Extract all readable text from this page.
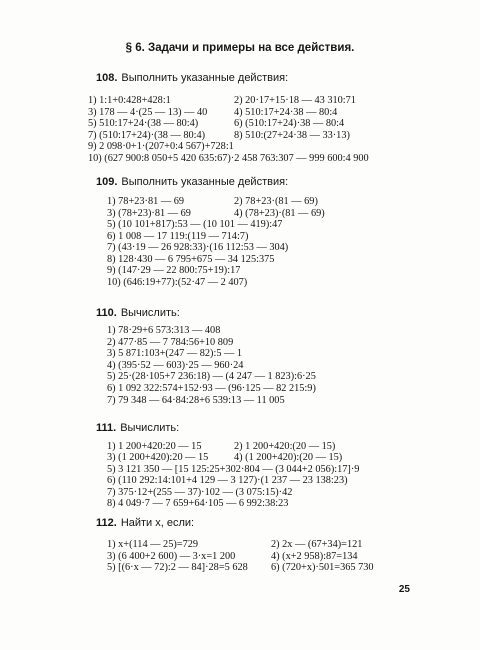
§ 6. Задачи и примеры на все действия.
108. Выполнить указанные действия:
1) 1:1+0:428+428:1	2) 20·17+15·18 — 43 310:71
3) 178 — 4·(25 — 13) — 40	4) 510:17+24·38 — 80:4
5) 510:17+24·(38 — 80:4)	6) (510:17+24)·38 — 80:4
7) (510:17+24)·(38 — 80:4)	8) 510:(27+24·38 — 33·13)
9) 2 098·0+1·(207+0:4 567)+728:1
10) (627 900:8 050+5 420 635:67)·2 458 763:307 — 999 600:4 900
109. Выполнить указанные действия:
1) 78+23·81 — 69	2) 78+23·(81 — 69)
3) (78+23)·81 — 69	4) (78+23)·(81 — 69)
5) (10 101+817):53 — (10 101 — 419):47
6) 1 008 — 17 119:(119 — 714:7)
7) (43·19 — 26 928:33)·(16 112:53 — 304)
8) 128·430 — 6 795+675 — 34 125:375
9) (147·29 — 22 800:75+19):17
10) (646:19+77):(52·47 — 2 407)
110. Вычислить:
1) 78·29+6 573:313 — 408
2) 477·85 — 7 784:56+10 809
3) 5 871:103+(247 — 82):5 — 1
4) (395·52 — 603)·25 — 960·24
5) 25·(28·105+7 236:18) — (4 247 — 1 823):6·25
6) 1 092 322:574+152·93 — (96·125 — 82 215:9)
7) 79 348 — 64·84:28+6 539:13 — 11 005
111. Вычислить:
1) 1 200+420:20 — 15	2) 1 200+420:(20 — 15)
3) (1 200+420):20 — 15 4) (1 200+420):(20 — 15)
5) 3 121 350 — [15 125:25+302·804 — (3 044+2 056):17]·9
6) (110 292:14:101+4 129 — 3 127)·(1 237 — 23 138:23)
7) 375·12+(255 — 37)·102 — (3 075:15)·42
8) 4 049·7 — 7 659+64·105 — 6 992:38:23
112. Найти x, если:
1) x+(114 — 25)=729	2) 2x — (67+34)=121
3) (6 400+2 600) — 3·x=1 200	4) (x+2 958):87=134
5) [(6·x — 72):2 — 84]·28=5 628 6) (720+x)·501=365 730
25
